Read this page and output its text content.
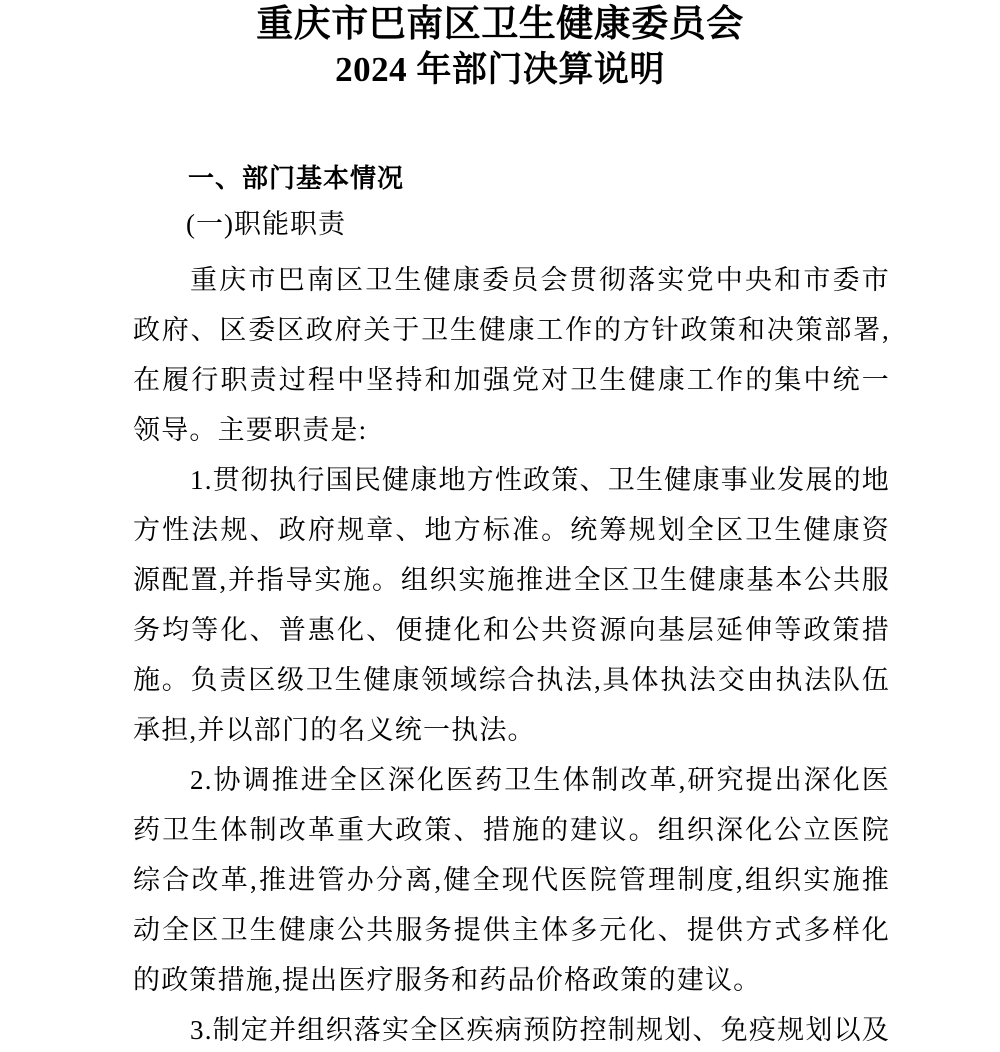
重庆市巴南区卫生健康委员会
2024 年部门决算说明
一、部门基本情况
(一)职能职责

重庆市巴南区卫生健康委员会贯彻落实党中央和市委市政府、区委区政府关于卫生健康工作的方针政策和决策部署,在履行职责过程中坚持和加强党对卫生健康工作的集中统一领导。主要职责是:

1.贯彻执行国民健康地方性政策、卫生健康事业发展的地方性法规、政府规章、地方标准。统筹规划全区卫生健康资源配置,并指导实施。组织实施推进全区卫生健康基本公共服务均等化、普惠化、便捷化和公共资源向基层延伸等政策措施。负责区级卫生健康领域综合执法,具体执法交由执法队伍承担,并以部门的名义统一执法。

2.协调推进全区深化医药卫生体制改革,研究提出深化医药卫生体制改革重大政策、措施的建议。组织深化公立医院综合改革,推进管办分离,健全现代医院管理制度,组织实施推动全区卫生健康公共服务提供主体多元化、提供方式多样化的政策措施,提出医疗服务和药品价格政策的建议。

3.制定并组织落实全区疾病预防控制规划、免疫规划以及
